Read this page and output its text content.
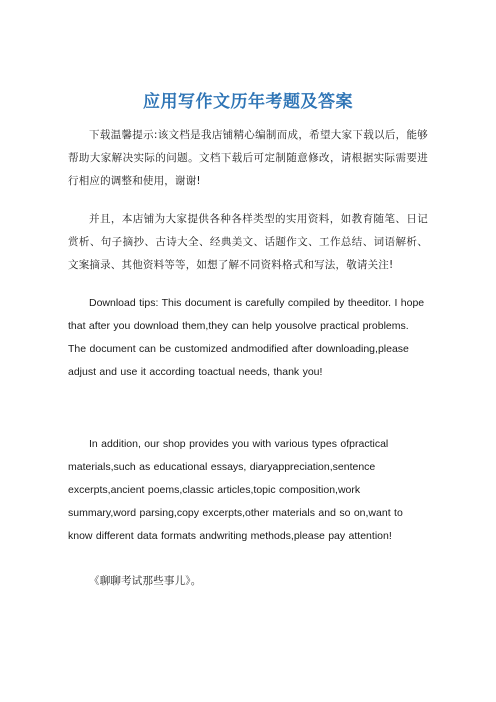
应用写作文历年考题及答案

下载温馨提示:该文档是我店铺精心编制而成，希望大家下载以后，能够帮助大家解决实际的问题。文档下载后可定制随意修改，请根据实际需要进行相应的调整和使用，谢谢!

并且，本店铺为大家提供各种各样类型的实用资料，如教育随笔、日记赏析、句子摘抄、古诗大全、经典美文、话题作文、工作总结、词语解析、文案摘录、其他资料等等，如想了解不同资料格式和写法，敬请关注!

Download tips: This document is carefully compiled by theeditor. I hope that after you download them,they can help yousolve practical problems. The document can be customized andmodified after downloading,please adjust and use it according toactual needs, thank you!

In addition, our shop provides you with various types ofpractical materials,such as educational essays, diaryappreciation,sentence excerpts,ancient poems,classic articles,topic composition,work summary,word parsing,copy excerpts,other materials and so on,want to know different data formats andwriting methods,please pay attention!

《聊聊考试那些事儿》。
